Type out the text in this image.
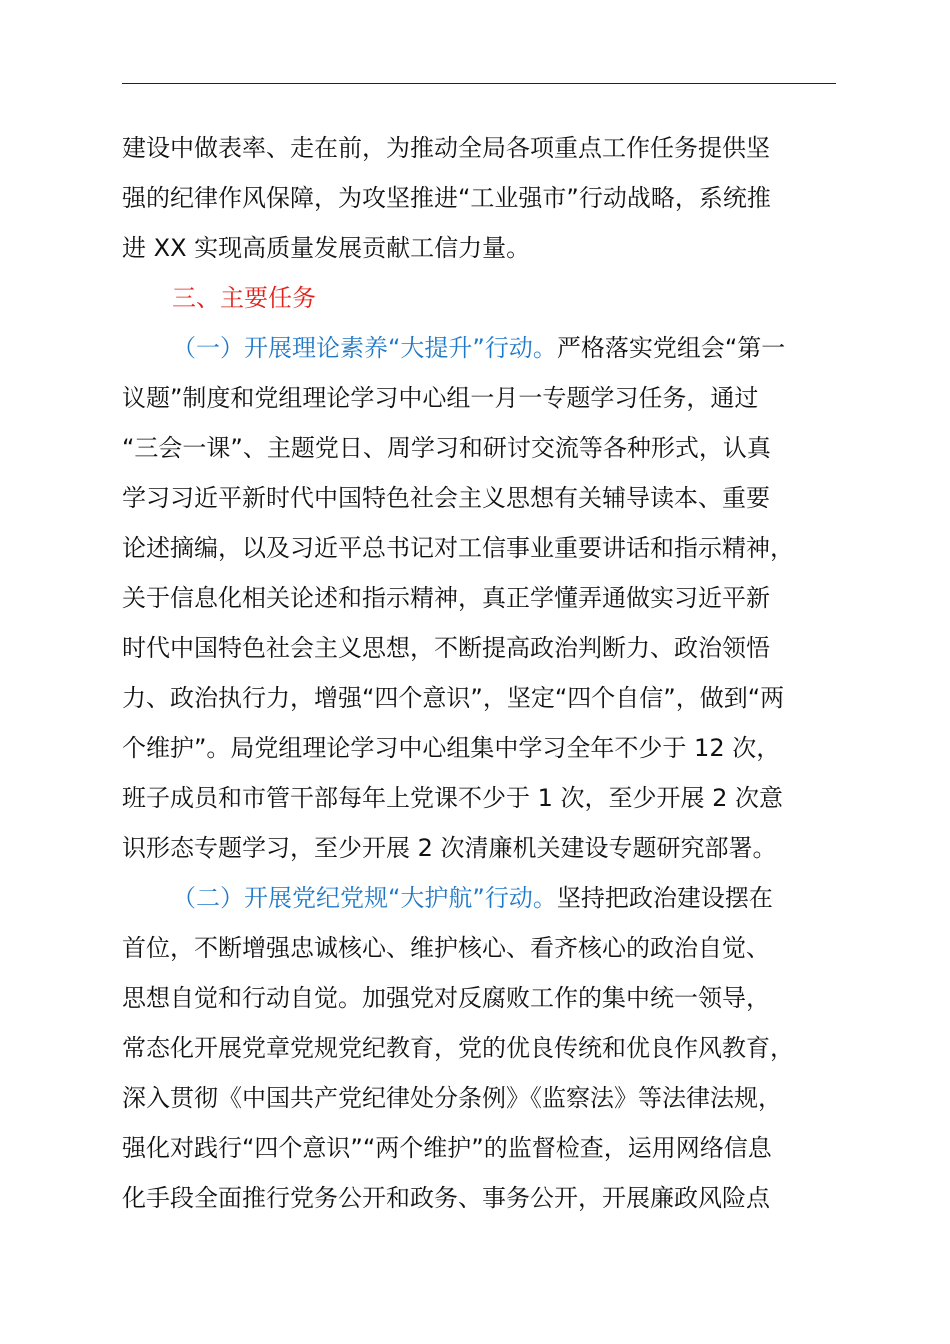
建设中做表率、走在前，为推动全局各项重点工作任务提供坚
强的纪律作风保障，为攻坚推进“工业强市”行动战略，系统推
进 XX 实现高质量发展贡献工信力量。
三、主要任务
（一）开展理论素养“大提升”行动。严格落实党组会“第一
议题”制度和党组理论学习中心组一月一专题学习任务，通过
“三会一课”、主题党日、周学习和研讨交流等各种形式，认真
学习习近平新时代中国特色社会主义思想有关辅导读本、重要
论述摘编，以及习近平总书记对工信事业重要讲话和指示精神，
关于信息化相关论述和指示精神，真正学懂弄通做实习近平新
时代中国特色社会主义思想，不断提高政治判断力、政治领悟
力、政治执行力，增强“四个意识”，坚定“四个自信”，做到“两
个维护”。局党组理论学习中心组集中学习全年不少于 12 次，
班子成员和市管干部每年上党课不少于 1 次，至少开展 2 次意
识形态专题学习，至少开展 2 次清廉机关建设专题研究部署。
（二）开展党纪党规“大护航”行动。坚持把政治建设摆在
首位，不断增强忠诚核心、维护核心、看齐核心的政治自觉、
思想自觉和行动自觉。加强党对反腐败工作的集中统一领导，
常态化开展党章党规党纪教育，党的优良传统和优良作风教育，
深入贯彻《中国共产党纪律处分条例》《监察法》等法律法规，
强化对践行“四个意识”“两个维护”的监督检查，运用网络信息
化手段全面推行党务公开和政务、事务公开，开展廉政风险点
